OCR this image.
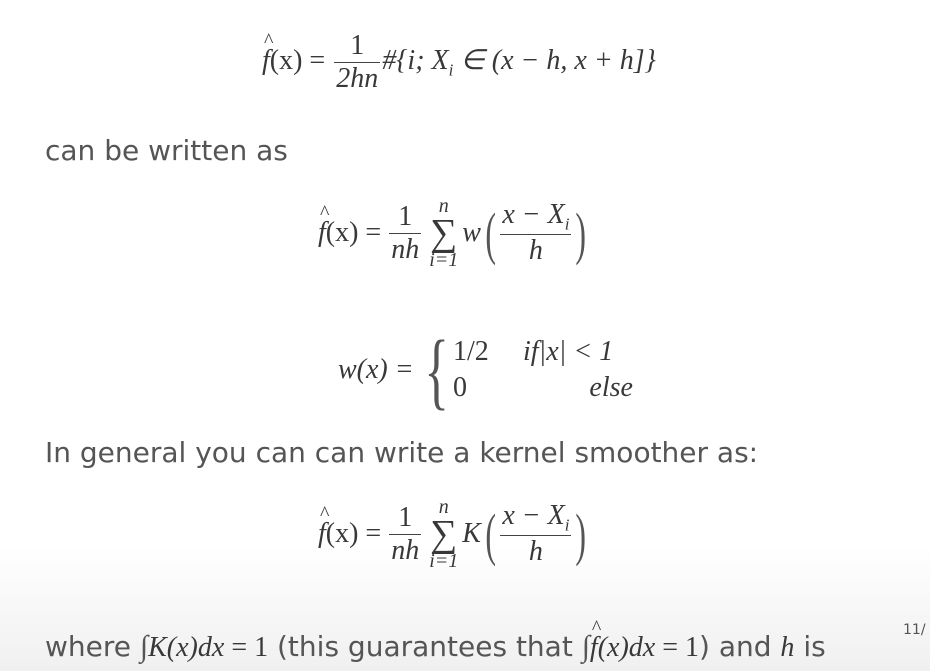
^ $f(x) = \frac{1}{2hn}$ #{i; $X_i$ ∈ (x − h, x + h]}
can be written as
^ f $(x) = \frac{1}{nh}$ n
∑
i=1
w ( $\frac{x - X_i}{h}$ )
w(x) = { 1/2	if|x| < 1
0	else
In general you can can write a kernel smoother as:
^ f $(x) = \frac{1}{nh}$ n
∑
i=1
K ( $\frac{x - X_i}{h}$ )
where ∫K(x)dx = 1 (this guarantees that ∫^ f(x)dx = 1) and h is	11/
